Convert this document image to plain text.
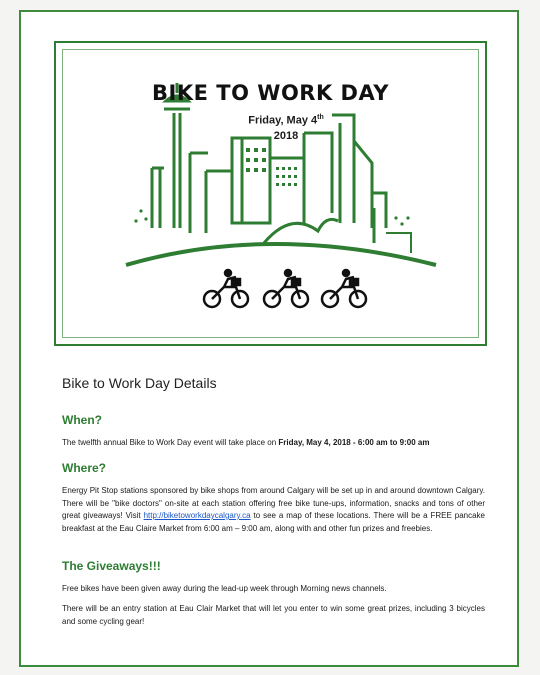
BIKE TO WORK DAY
Friday, May 4th
2018
Bike to Work Day Details
When?

The twelfth annual Bike to Work Day event will take place on Friday, May 4, 2018 - 6:00 am to 9:00 am

Where?

Energy Pit Stop stations sponsored by bike shops from around Calgary will be set up in and around downtown Calgary. There will be "bike doctors" on-site at each station offering free bike tune-ups, information, snacks and tons of other great giveaways! Visit http://biketoworkdaycalgary.ca to see a map of these locations. There will be a FREE pancake breakfast at the Eau Claire Market from 6:00 am – 9:00 am, along with and other fun prizes and freebies.

The Giveaways!!!

Free bikes have been given away during the lead-up week through Morning news channels.

There will be an entry station at Eau Clair Market that will let you enter to win some great prizes, including 3 bicycles and some cycling gear!
